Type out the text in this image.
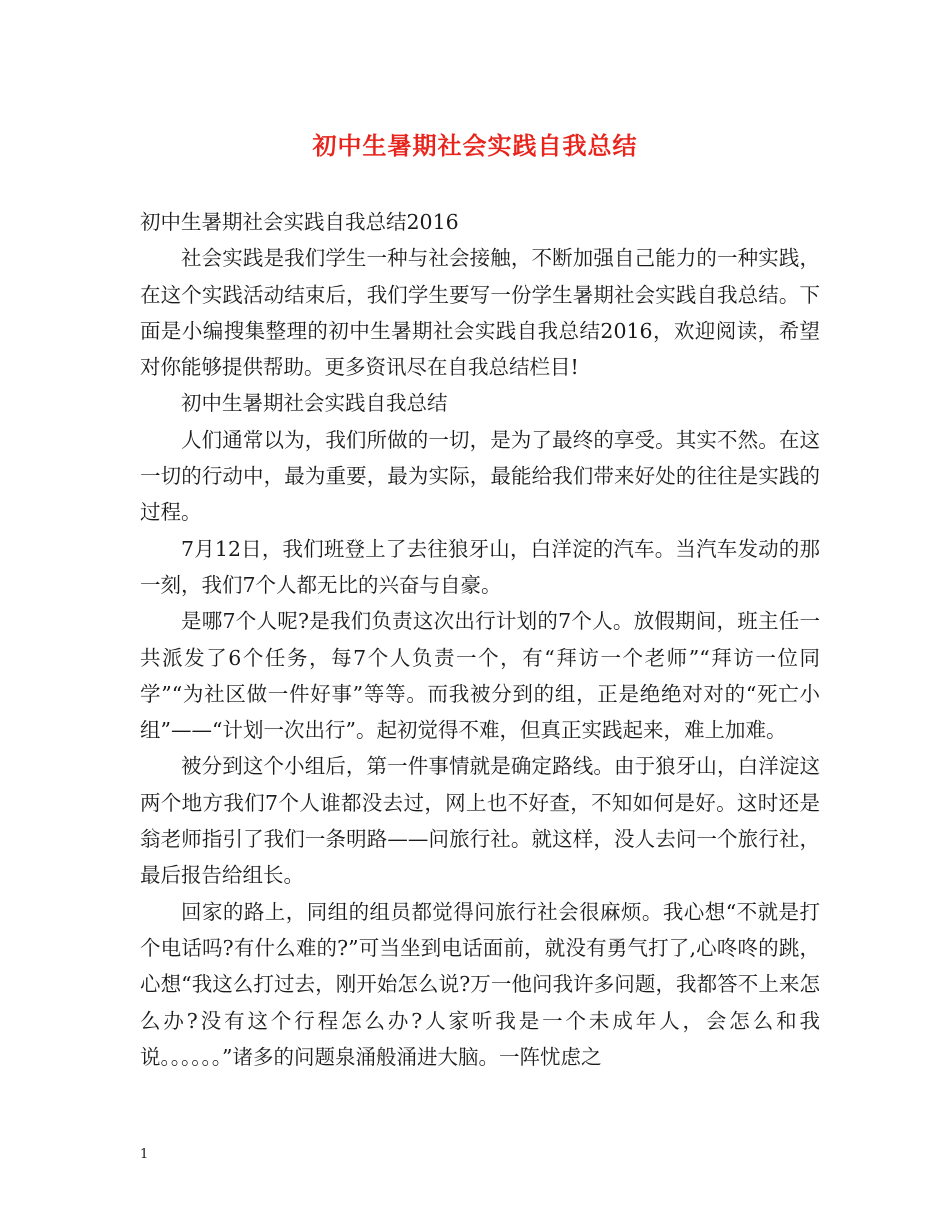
初中生暑期社会实践自我总结

初中生暑期社会实践自我总结2016

社会实践是我们学生一种与社会接触，不断加强自己能力的一种实践，在这个实践活动结束后，我们学生要写一份学生暑期社会实践自我总结。下面是小编搜集整理的初中生暑期社会实践自我总结2016，欢迎阅读，希望对你能够提供帮助。更多资讯尽在自我总结栏目!

初中生暑期社会实践自我总结

人们通常以为，我们所做的一切，是为了最终的享受。其实不然。在这一切的行动中，最为重要，最为实际，最能给我们带来好处的往往是实践的过程。

7月12日，我们班登上了去往狼牙山，白洋淀的汽车。当汽车发动的那一刻，我们7个人都无比的兴奋与自豪。

是哪7个人呢?是我们负责这次出行计划的7个人。放假期间，班主任一共派发了6个任务，每7个人负责一个，有“拜访一个老师”“拜访一位同学”“为社区做一件好事”等等。而我被分到的组，正是绝绝对对的“死亡小组”——“计划一次出行”。起初觉得不难，但真正实践起来，难上加难。

被分到这个小组后，第一件事情就是确定路线。由于狼牙山，白洋淀这两个地方我们7个人谁都没去过，网上也不好查，不知如何是好。这时还是翁老师指引了我们一条明路——问旅行社。就这样，没人去问一个旅行社，最后报告给组长。

回家的路上，同组的组员都觉得问旅行社会很麻烦。我心想“不就是打个电话吗?有什么难的?”可当坐到电话面前，就没有勇气打了,心咚咚的跳，心想“我这么打过去，刚开始怎么说?万一他问我许多问题，我都答不上来怎么办?没有这个行程怎么办?人家听我是一个未成年人，会怎么和我说。。。。。。”诸多的问题泉涌般涌进大脑。一阵忧虑之

1
